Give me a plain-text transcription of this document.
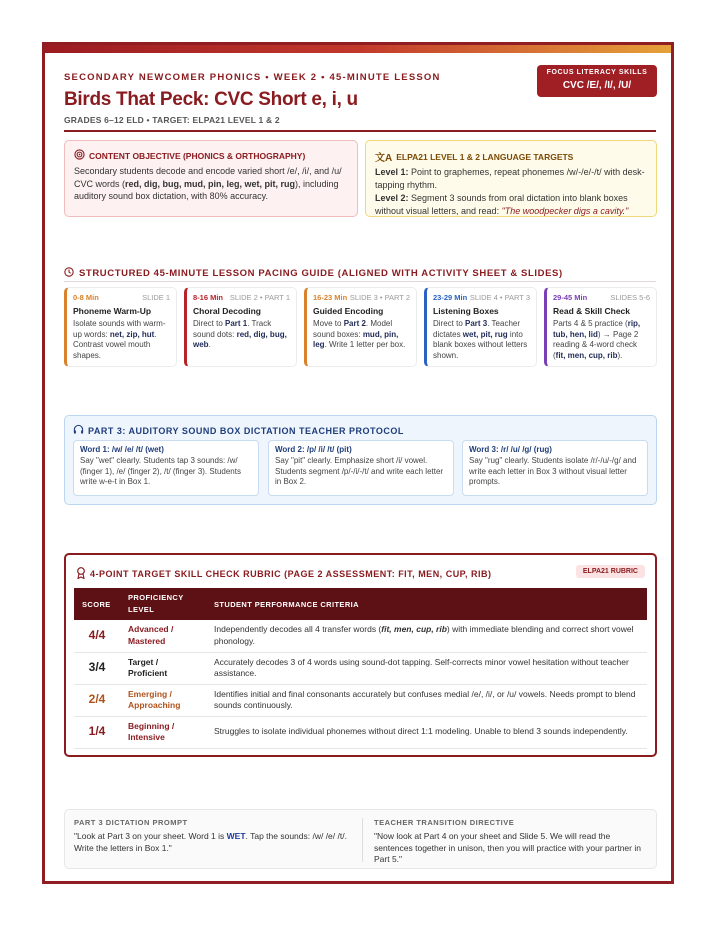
SECONDARY NEWCOMER PHONICS • WEEK 2 • 45-MINUTE LESSON
Birds That Peck: CVC Short e, i, u
GRADES 6–12 ELD • TARGET: ELPA21 LEVEL 1 & 2
FOCUS LITERACY SKILLS
CVC /E/, /I/, /U/
CONTENT OBJECTIVE (PHONICS & ORTHOGRAPHY)
Secondary students decode and encode varied short /e/, /i/, and /u/ CVC words (red, dig, bug, mud, pin, leg, wet, pit, rug), including auditory sound box dictation, with 80% accuracy.
文A ELPA21 LEVEL 1 & 2 LANGUAGE TARGETS
Level 1: Point to graphemes, repeat phonemes /w/-/e/-/t/ with desk-tapping rhythm.
Level 2: Segment 3 sounds from oral dictation into blank boxes without visual letters, and read: "The woodpecker digs a cavity."
STRUCTURED 45-MINUTE LESSON PACING GUIDE (ALIGNED WITH ACTIVITY SHEET & SLIDES)
0-8 Min	SLIDE 1
Phoneme Warm-Up
Isolate sounds with warm-up words: net, zip, hut. Contrast vowel mouth shapes.
8-16 Min SLIDE 2 • PART 1
Choral Decoding
Direct to Part 1. Track sound dots: red, dig, bug, web.
16-23 Min SLIDE 3 • PART 2
Guided Encoding
Move to Part 2. Model sound boxes: mud, pin, leg. Write 1 letter per box.
23-29 Min SLIDE 4 • PART 3
Listening Boxes
Direct to Part 3. Teacher dictates wet, pit, rug into blank boxes without letters shown.
29-45 Min	SLIDES 5-6
Read & Skill Check
Parts 4 & 5 practice (rip, tub, hen, lid) → Page 2 reading & 4-word check (fit, men, cup, rib).
PART 3: AUDITORY SOUND BOX DICTATION TEACHER PROTOCOL
Word 1: /w/ /e/ /t/ (wet)
Say "wet" clearly. Students tap 3 sounds: /w/ (finger 1), /e/ (finger 2), /t/ (finger 3). Students write w-e-t in Box 1.
Word 2: /p/ /i/ /t/ (pit)
Say "pit" clearly. Emphasize short /i/ vowel. Students segment /p/-/i/-/t/ and write each letter in Box 2.
Word 3: /r/ /u/ /g/ (rug)
Say "rug" clearly. Students isolate /r/-/u/-/g/ and write each letter in Box 3 without visual letter prompts.
4-POINT TARGET SKILL CHECK RUBRIC (PAGE 2 ASSESSMENT: FIT, MEN, CUP, RIB)	ELPA21 RUBRIC
SCORE	PROFICIENCY LEVEL	STUDENT PERFORMANCE CRITERIA
4/4	Advanced / Mastered	Independently decodes all 4 transfer words (fit, men, cup, rib) with immediate blending and correct short vowel phonology.
3/4	Target / Proficient	Accurately decodes 3 of 4 words using sound-dot tapping. Self-corrects minor vowel hesitation without teacher assistance.
2/4	Emerging / Approaching	Identifies initial and final consonants accurately but confuses medial /e/, /i/, or /u/ vowels. Needs prompt to blend sounds continuously.
1/4	Beginning / Intensive	Struggles to isolate individual phonemes without direct 1:1 modeling. Unable to blend 3 sounds independently.
PART 3 DICTATION PROMPT
"Look at Part 3 on your sheet. Word 1 is WET. Tap the sounds: /w/ /e/ /t/. Write the letters in Box 1."
TEACHER TRANSITION DIRECTIVE
"Now look at Part 4 on your sheet and Slide 5. We will read the sentences together in unison, then you will practice with your partner in Part 5."
